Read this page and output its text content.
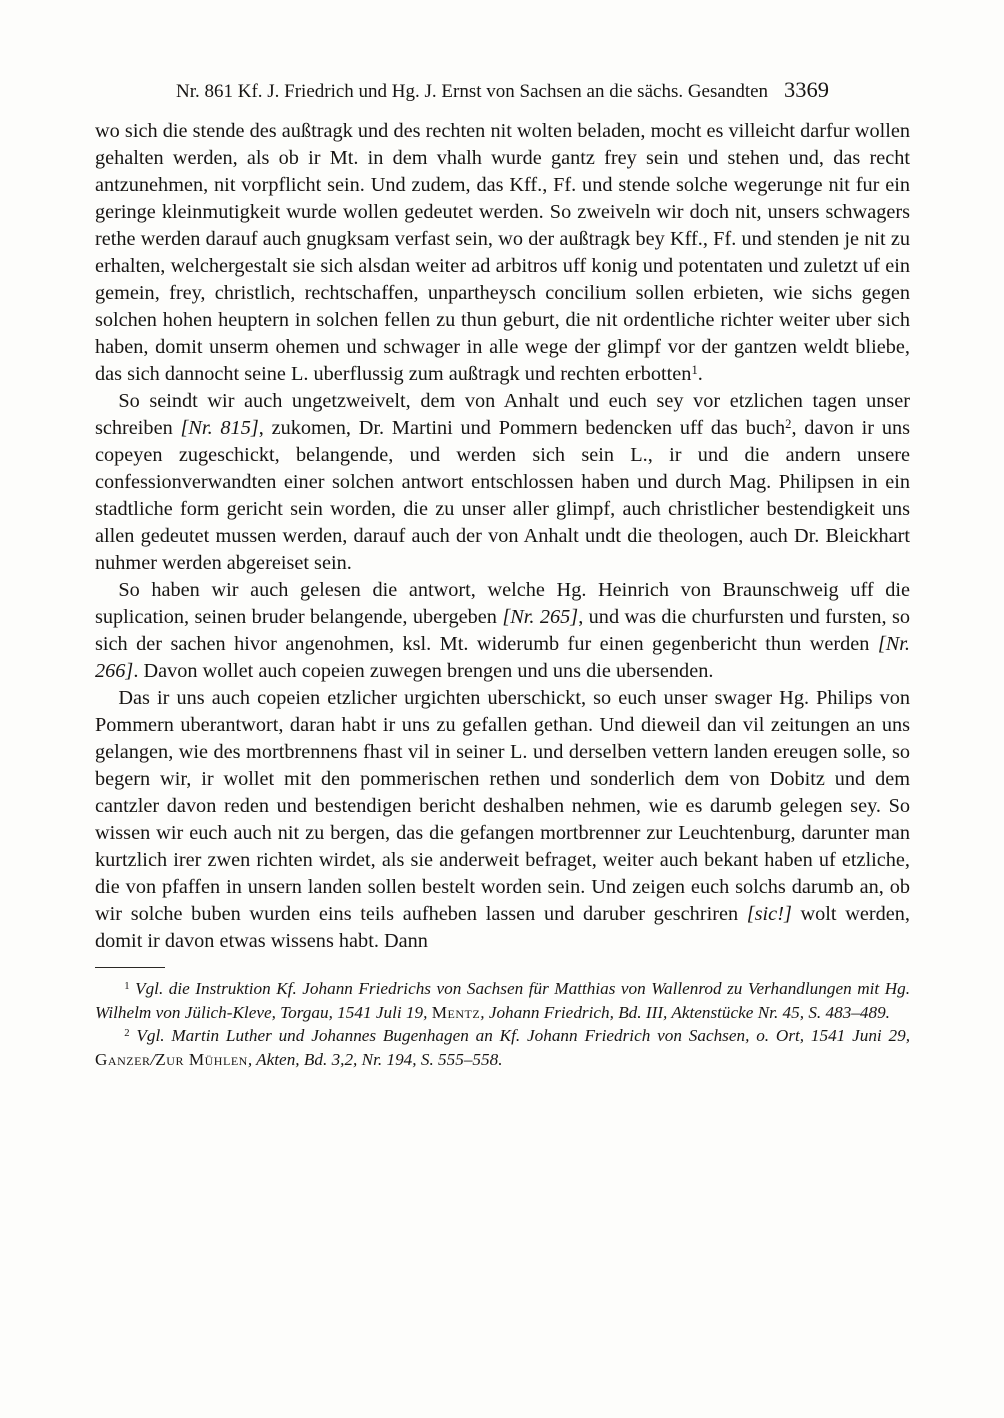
Nr. 861 Kf. J. Friedrich und Hg. J. Ernst von Sachsen an die sächs. Gesandten 3369

wo sich die stende des außtragk und des rechten nit wolten beladen, mocht es villeicht darfur wollen gehalten werden, als ob ir Mt. in dem vhalh wurde gantz frey sein und stehen und, das recht antzunehmen, nit vorpflicht sein. Und zudem, das Kff., Ff. und stende solche wegerunge nit fur ein geringe kleinmutigkeit wurde wollen gedeutet werden. So zweiveln wir doch nit, unsers schwagers rethe werden darauf auch gnugksam verfast sein, wo der außtragk bey Kff., Ff. und stenden je nit zu erhalten, welchergestalt sie sich alsdan weiter ad arbitros uff konig und potentaten und zuletzt uf ein gemein, frey, christlich, rechtschaffen, unpartheysch concilium sollen erbieten, wie sichs gegen solchen hohen heuptern in solchen fellen zu thun geburt, die nit ordentliche richter weiter uber sich haben, domit unserm ohemen und schwager in alle wege der glimpf vor der gantzen weldt bliebe, das sich dannocht seine L. uberflussig zum außtragk und rechten erbotten$^1$.

So seindt wir auch ungetzweivelt, dem von Anhalt und euch sey vor etzlichen tagen unser schreiben [Nr. 815], zukomen, Dr. Martini und Pommern bedencken uff das buch$^2$, davon ir uns copeyen zugeschickt, belangende, und werden sich sein L., ir und die andern unsere confessionverwandten einer solchen antwort entschlossen haben und durch Mag. Philipsen in ein stadtliche form gericht sein worden, die zu unser aller glimpf, auch christlicher bestendigkeit uns allen gedeutet mussen werden, darauf auch der von Anhalt undt die theologen, auch Dr. Bleickhart nuhmer werden abgereiset sein.

So haben wir auch gelesen die antwort, welche Hg. Heinrich von Braunschweig uff die suplication, seinen bruder belangende, ubergeben [Nr. 265], und was die churfursten und fursten, so sich der sachen hivor angenohmen, ksl. Mt. widerumb fur einen gegenbericht thun werden [Nr. 266]. Davon wollet auch copeien zuwegen brengen und uns die ubersenden.

Das ir uns auch copeien etzlicher urgichten uberschickt, so euch unser swager Hg. Philips von Pommern uberantwort, daran habt ir uns zu gefallen gethan. Und dieweil dan vil zeitungen an uns gelangen, wie des mortbrennens fhast vil in seiner L. und derselben vettern landen ereugen solle, so begern wir, ir wollet mit den pommerischen rethen und sonderlich dem von Dobitz und dem cantzler davon reden und bestendigen bericht deshalben nehmen, wie es darumb gelegen sey. So wissen wir euch auch nit zu bergen, das die gefangen mortbrenner zur Leuchtenburg, darunter man kurtzlich irer zwen richten wirdet, als sie anderweit befraget, weiter auch bekant haben uf etzliche, die von pfaffen in unsern landen sollen bestelt worden sein. Und zeigen euch solchs darumb an, ob wir solche buben wurden eins teils aufheben lassen und daruber geschriren [sic!] wolt werden, domit ir davon etwas wissens habt. Dann

$^1$ Vgl. die Instruktion Kf. Johann Friedrichs von Sachsen für Matthias von Wallenrod zu Verhandlungen mit Hg. Wilhelm von Jülich-Kleve, Torgau, 1541 Juli 19, Mentz, Johann Friedrich, Bd. III, Aktenstücke Nr. 45, S. 483–489.

$^2$ Vgl. Martin Luther und Johannes Bugenhagen an Kf. Johann Friedrich von Sachsen, o. Ort, 1541 Juni 29, Ganzer/Zur Mühlen, Akten, Bd. 3,2, Nr. 194, S. 555–558.
